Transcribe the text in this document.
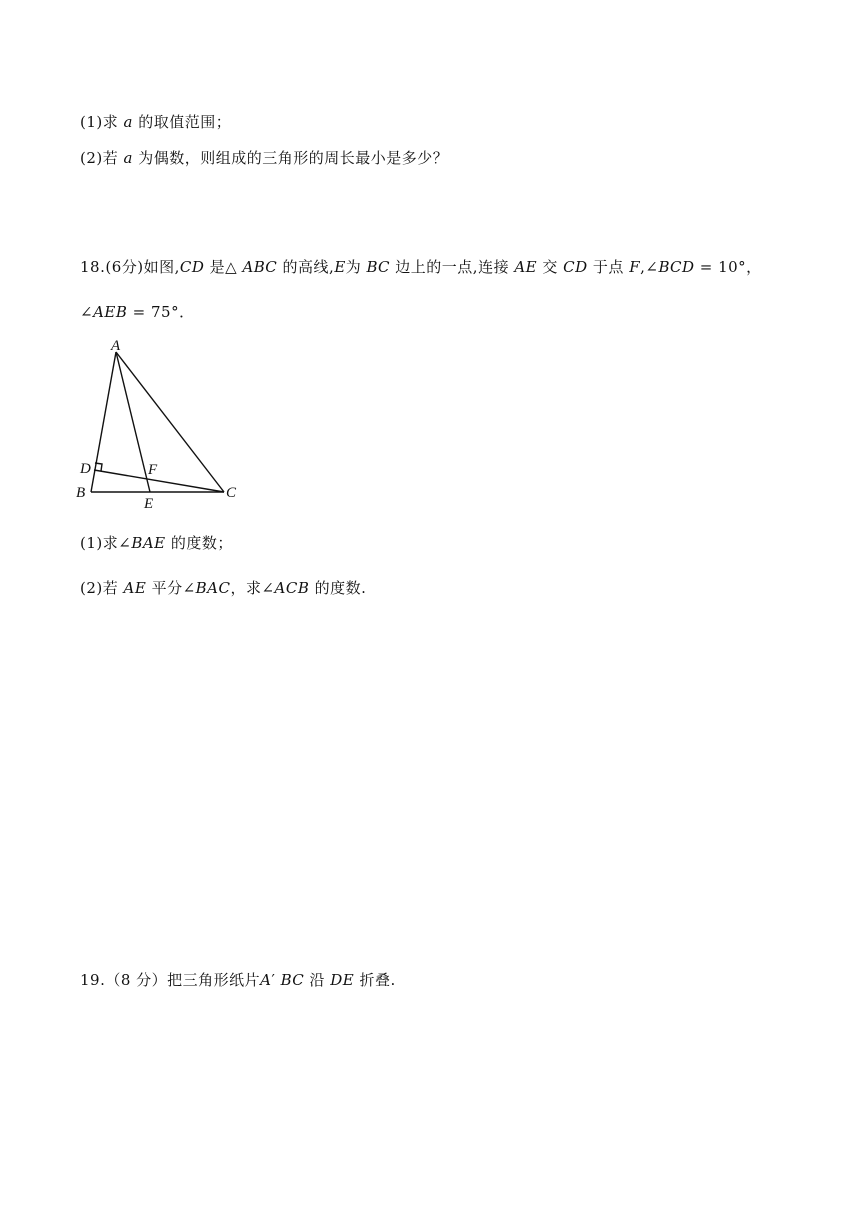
(1)求 𝑎 的取值范围；
(2)若 𝑎 为偶数，则组成的三角形的周长最小是多少？
18.(6分)如图,𝐶𝐷 是△ 𝐴𝐵𝐶 的高线,𝐸为 𝐵𝐶 边上的一点,连接 𝐴𝐸 交 𝐶𝐷 于点 𝐹,∠𝐵𝐶𝐷 = 10°，
∠𝐴𝐸𝐵 = 75°．
A
B	C
D
E
F
(1)求∠𝐵𝐴𝐸 的度数；
(2)若 𝐴𝐸 平分∠𝐵𝐴𝐶，求∠𝐴𝐶𝐵 的度数.
19.（8 分）把三角形纸片𝐴′ 𝐵𝐶 沿 𝐷𝐸 折叠.
